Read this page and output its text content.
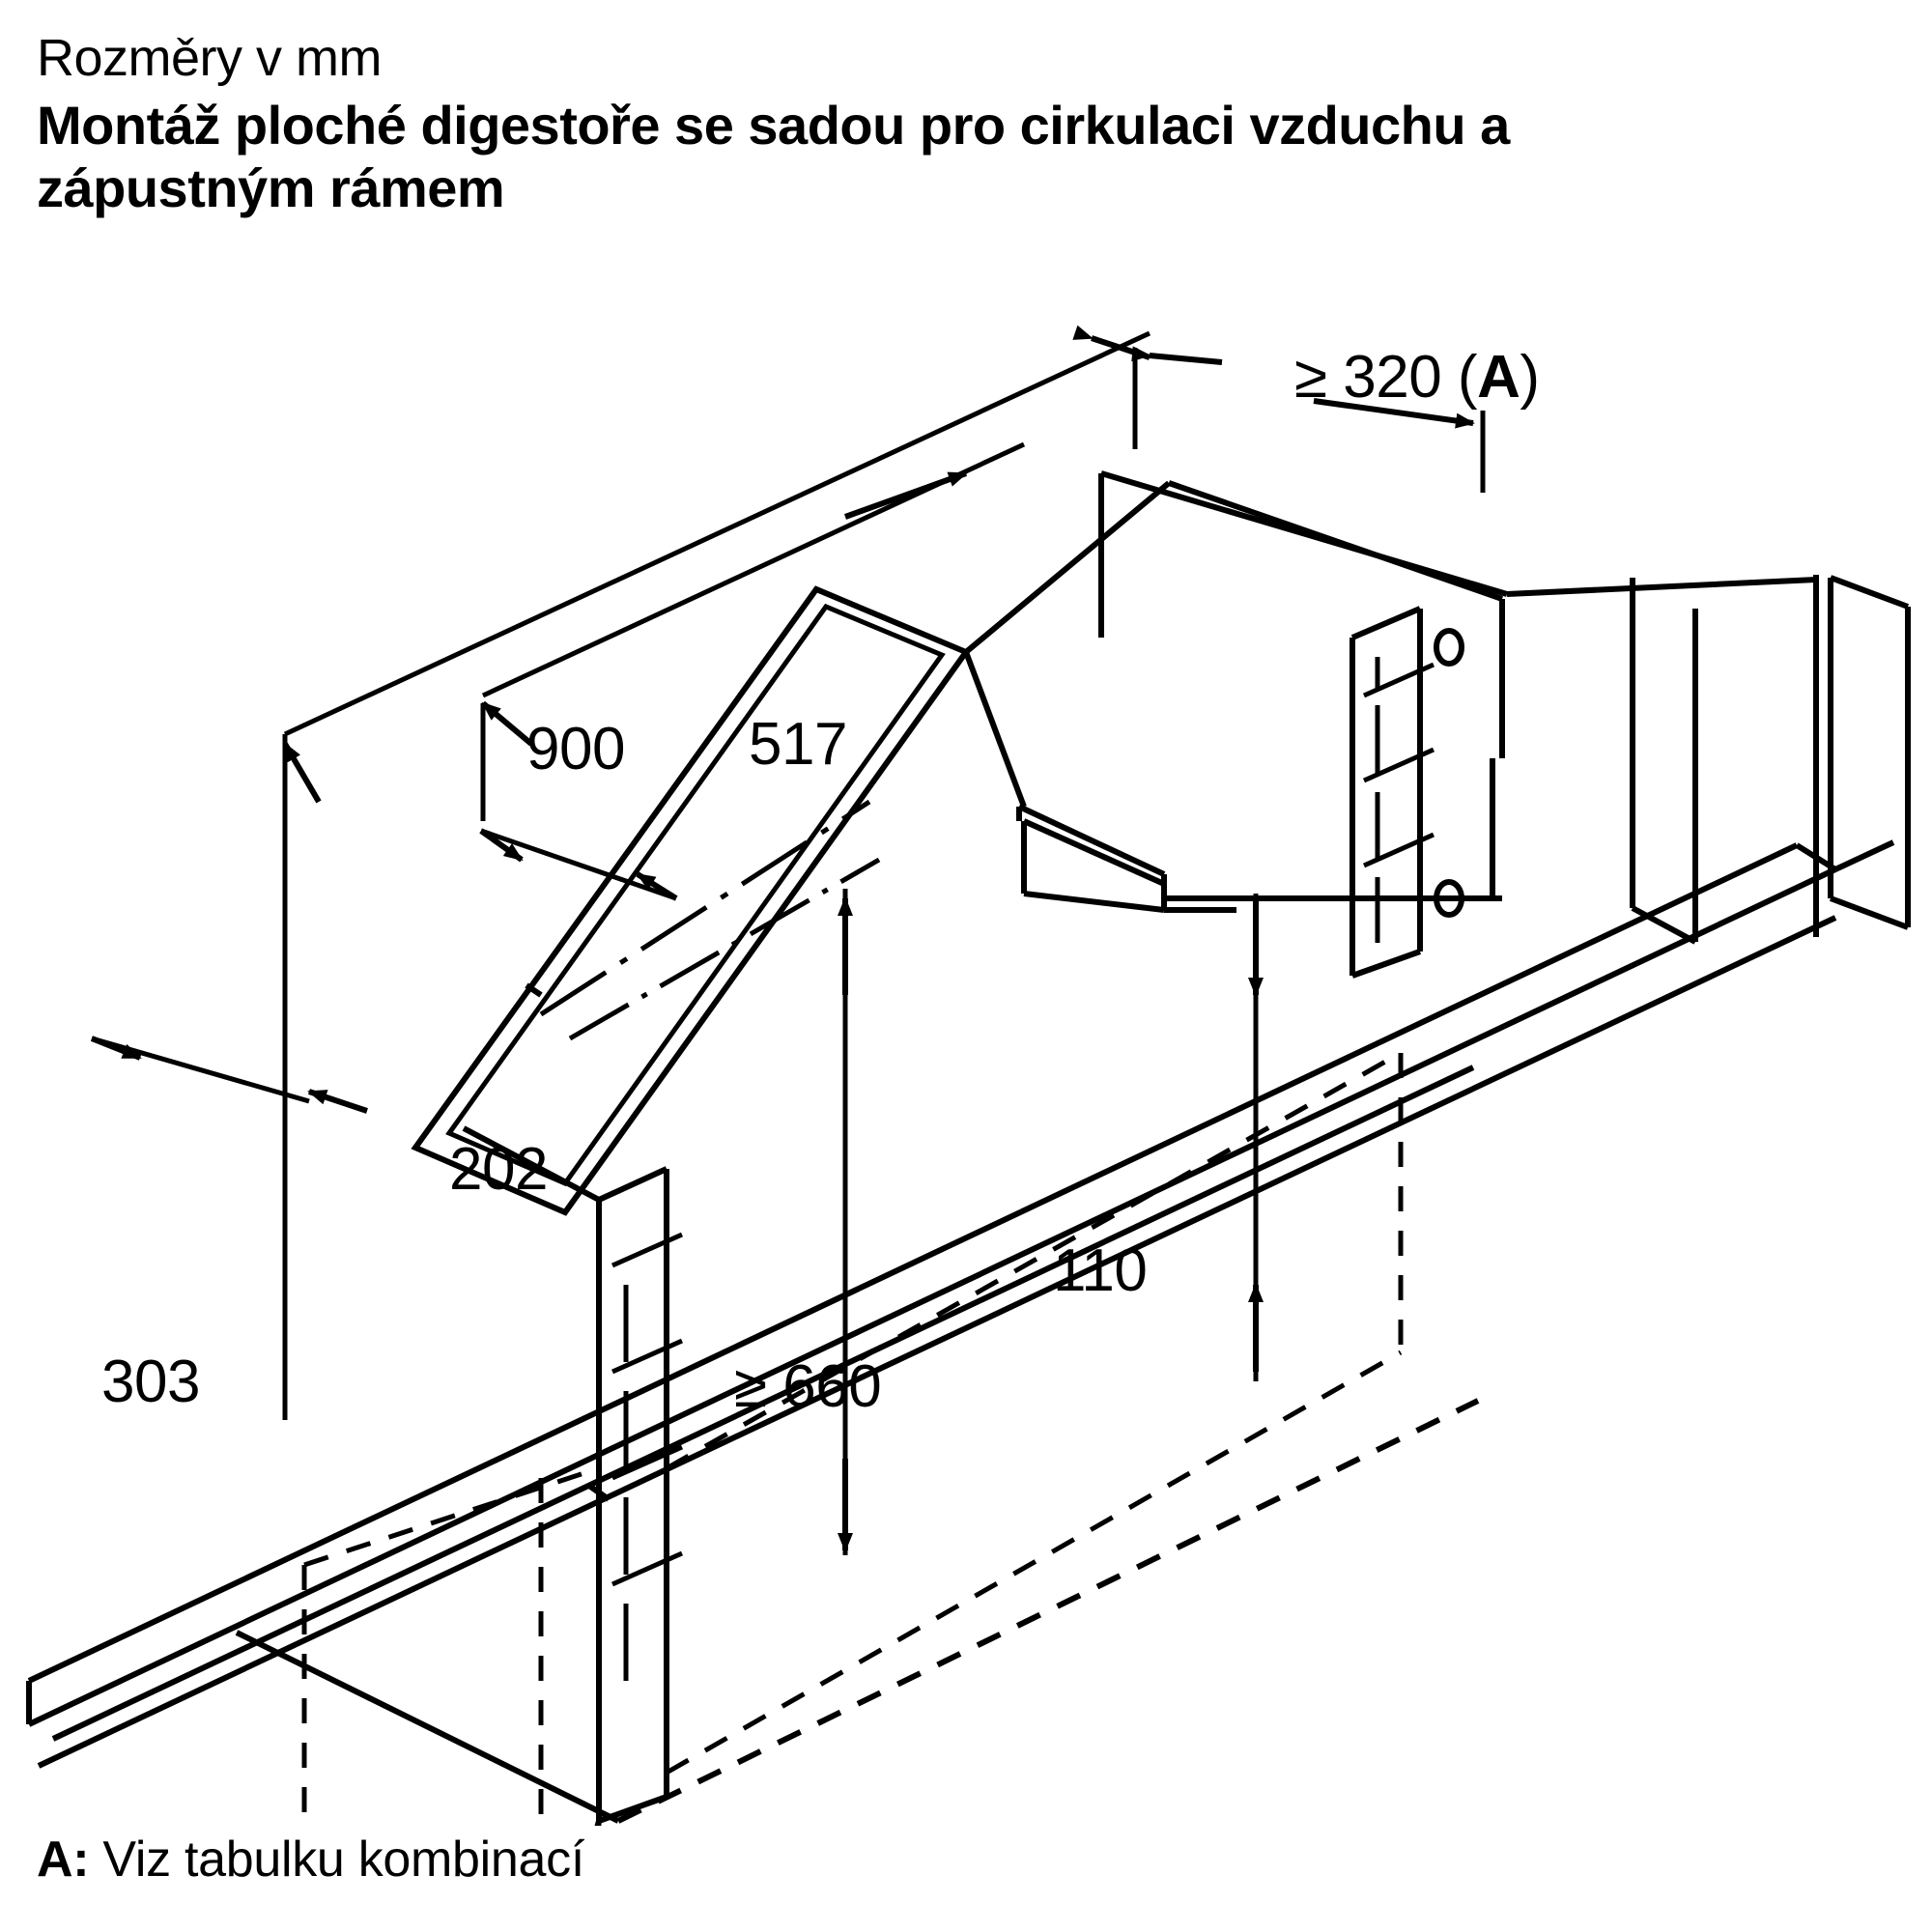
Rozměry v mm
Montáž ploché digestoře se sadou pro cirkulaci vzduchu a zápustným rámem
≥ 320 (A)
900 517
202
≥ 660
110
303
A: Viz tabulku kombinací
